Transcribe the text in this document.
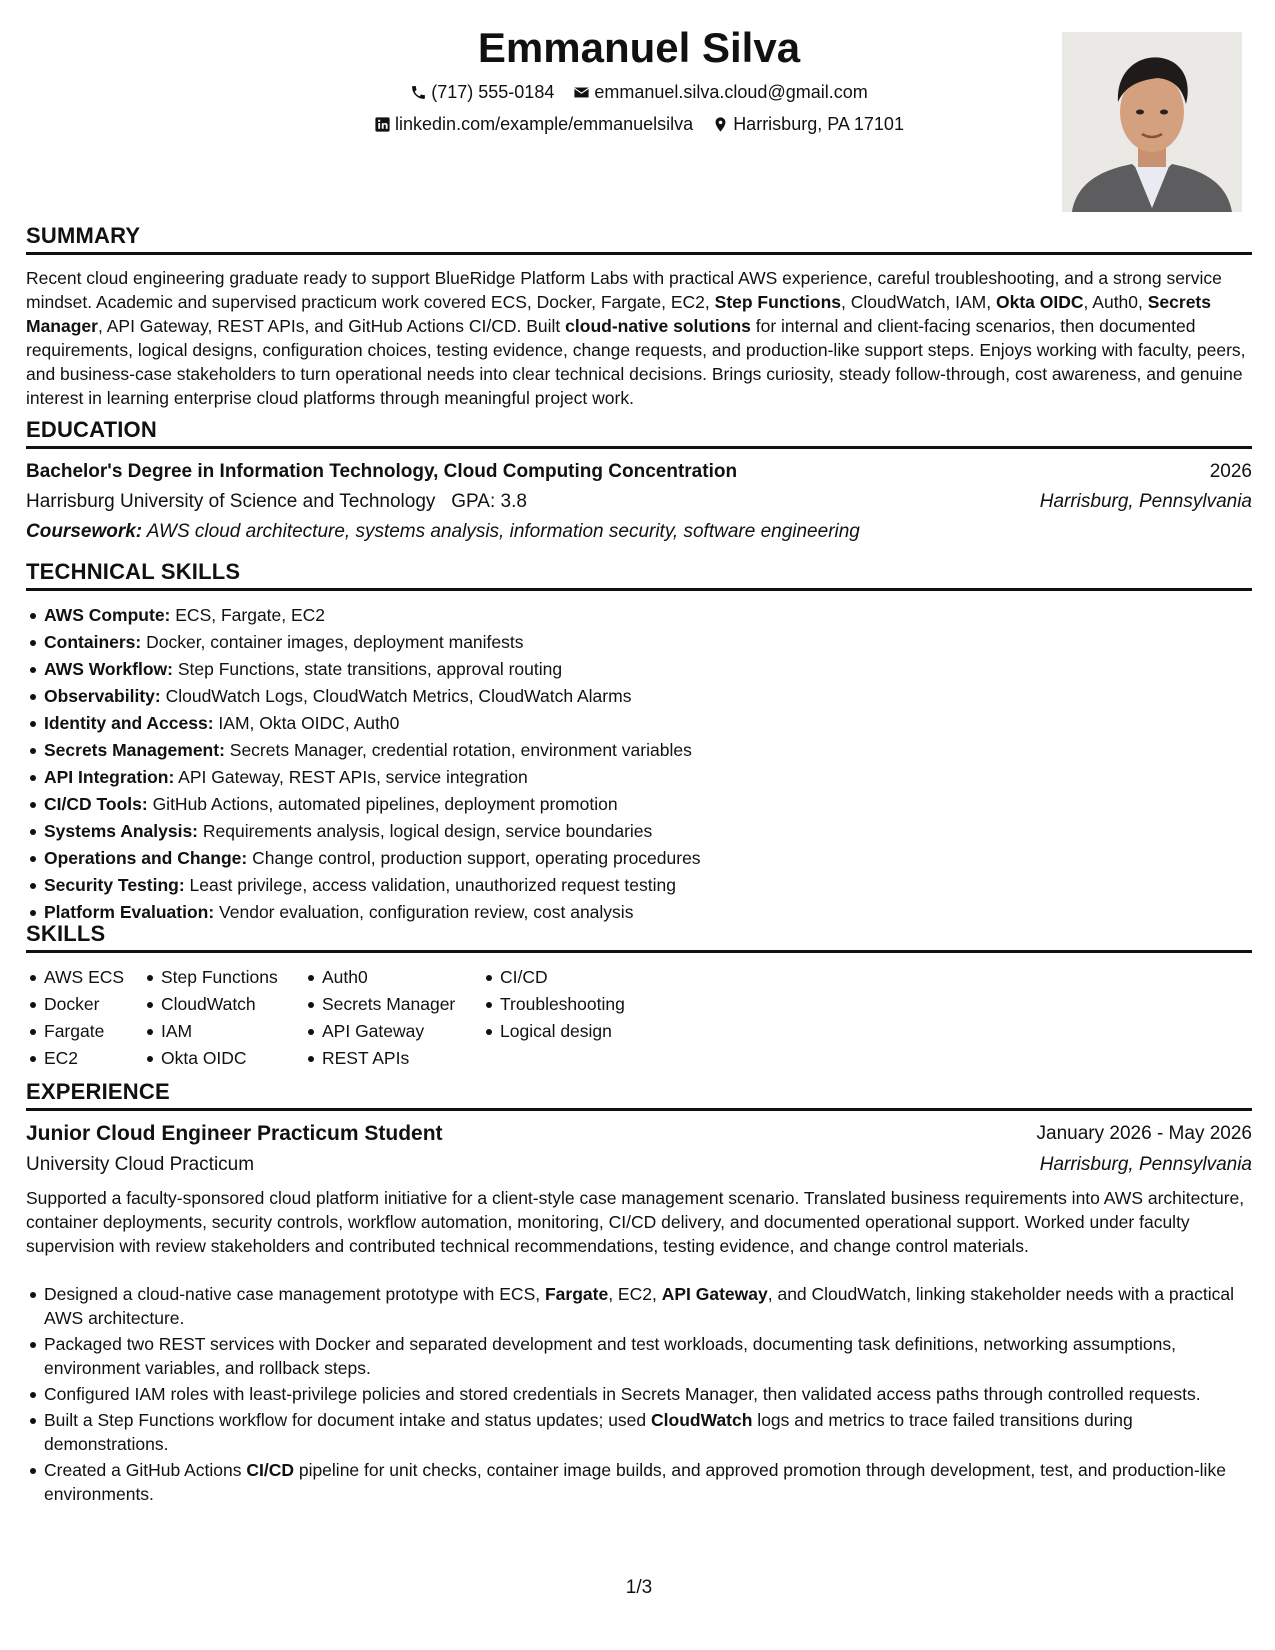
Emmanuel Silva
(717) 555-0184
emmanuel.silva.cloud@gmail.com
linkedin.com/example/emmanuelsilva
Harrisburg, PA 17101
SUMMARY
Recent cloud engineering graduate ready to support BlueRidge Platform Labs with practical AWS experience, careful troubleshooting, and a strong service mindset. Academic and supervised practicum work covered ECS, Docker, Fargate, EC2, Step Functions, CloudWatch, IAM, Okta OIDC, Auth0, Secrets Manager, API Gateway, REST APIs, and GitHub Actions CI/CD. Built cloud-native solutions for internal and client-facing scenarios, then documented requirements, logical designs, configuration choices, testing evidence, change requests, and production-like support steps. Enjoys working with faculty, peers, and business-case stakeholders to turn operational needs into clear technical decisions. Brings curiosity, steady follow-through, cost awareness, and genuine interest in learning enterprise cloud platforms through meaningful project work.
EDUCATION
Bachelor's Degree in Information Technology, Cloud Computing Concentration	2026
Harrisburg University of Science and Technology GPA: 3.8	Harrisburg, Pennsylvania
Coursework: AWS cloud architecture, systems analysis, information security, software engineering
TECHNICAL SKILLS
AWS Compute: ECS, Fargate, EC2
Containers: Docker, container images, deployment manifests
AWS Workflow: Step Functions, state transitions, approval routing
Observability: CloudWatch Logs, CloudWatch Metrics, CloudWatch Alarms
Identity and Access: IAM, Okta OIDC, Auth0
Secrets Management: Secrets Manager, credential rotation, environment variables
API Integration: API Gateway, REST APIs, service integration
CI/CD Tools: GitHub Actions, automated pipelines, deployment promotion
Systems Analysis: Requirements analysis, logical design, service boundaries
Operations and Change: Change control, production support, operating procedures
Security Testing: Least privilege, access validation, unauthorized request testing
Platform Evaluation: Vendor evaluation, configuration review, cost analysis
SKILLS
AWS ECS
Docker
Fargate
EC2
Step Functions
CloudWatch
IAM
Okta OIDC
Auth0
Secrets Manager
API Gateway
REST APIs
CI/CD
Troubleshooting
Logical design
EXPERIENCE
Junior Cloud Engineer Practicum Student	January 2026 - May 2026
University Cloud Practicum	Harrisburg, Pennsylvania
Supported a faculty-sponsored cloud platform initiative for a client-style case management scenario. Translated business requirements into AWS architecture, container deployments, security controls, workflow automation, monitoring, CI/CD delivery, and documented operational support. Worked under faculty supervision with review stakeholders and contributed technical recommendations, testing evidence, and change control materials.
Designed a cloud-native case management prototype with ECS, Fargate, EC2, API Gateway, and CloudWatch, linking stakeholder needs with a practical AWS architecture.
Packaged two REST services with Docker and separated development and test workloads, documenting task definitions, networking assumptions, environment variables, and rollback steps.
Configured IAM roles with least-privilege policies and stored credentials in Secrets Manager, then validated access paths through controlled requests.
Built a Step Functions workflow for document intake and status updates; used CloudWatch logs and metrics to trace failed transitions during demonstrations.
Created a GitHub Actions CI/CD pipeline for unit checks, container image builds, and approved promotion through development, test, and production-like environments.
1/3
